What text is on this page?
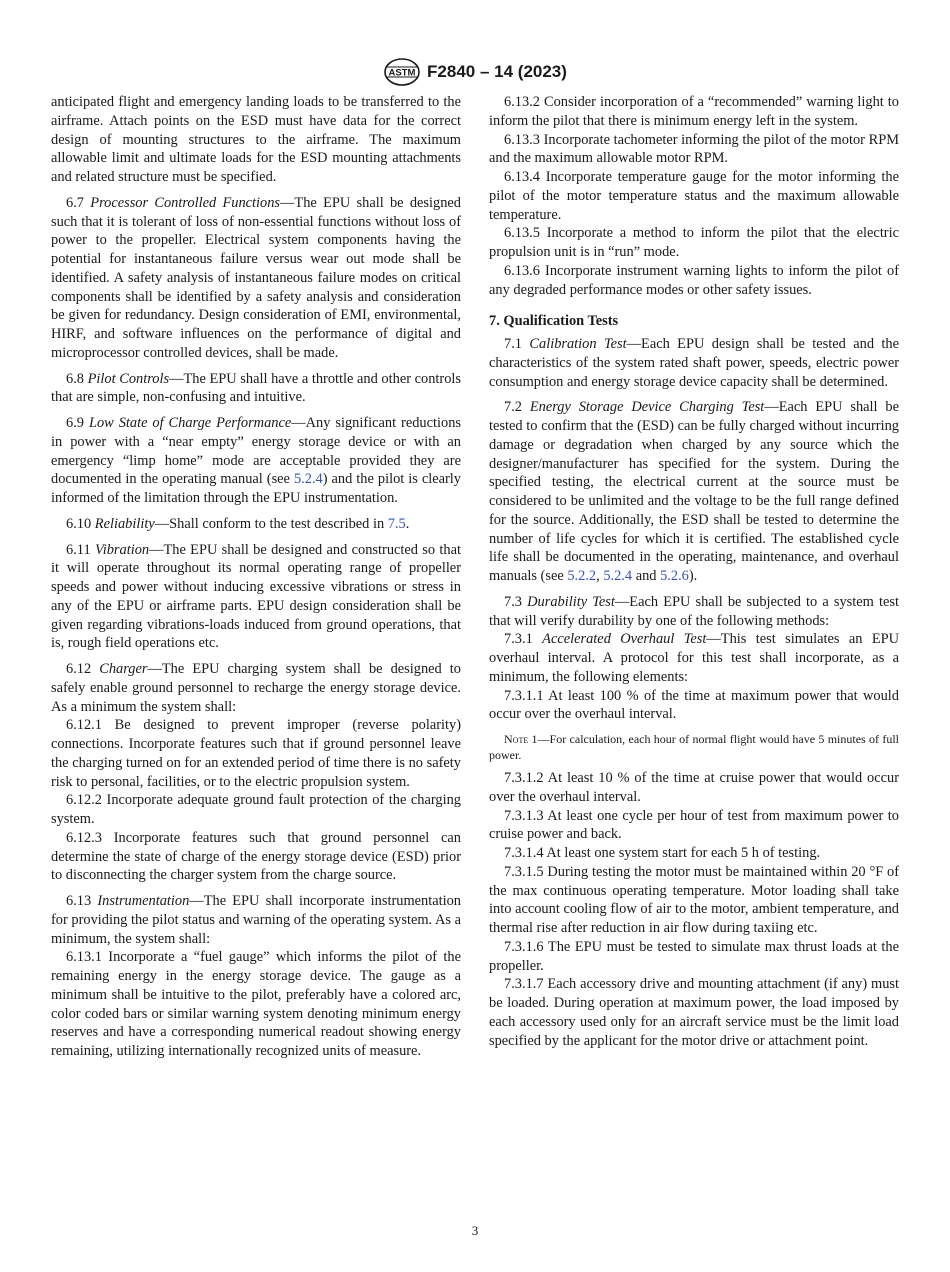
ASTM F2840 – 14 (2023)

anticipated flight and emergency landing loads to be transferred to the airframe. Attach points on the ESD must have data for the correct design of mounting structures to the airframe. The maximum allowable limit and ultimate loads for the ESD mounting attachments and related structure must be specified.

6.7 Processor Controlled Functions—The EPU shall be designed such that it is tolerant of loss of non-essential functions without loss of power to the propeller. Electrical system components having the potential for instantaneous failure versus wear out mode shall be identified. A safety analysis of instantaneous failure modes on critical components shall be identified by a safety analysis and consideration be given for redundancy. Design consideration of EMI, environmental, HIRF, and software influences on the performance of digital and microprocessor controlled devices, shall be made.

6.8 Pilot Controls—The EPU shall have a throttle and other controls that are simple, non-confusing and intuitive.

6.9 Low State of Charge Performance—Any significant reductions in power with a “near empty” energy storage device or with an emergency “limp home” mode are acceptable provided they are documented in the operating manual (see 5.2.4) and the pilot is clearly informed of the limitation through the EPU instrumentation.

6.10 Reliability—Shall conform to the test described in 7.5.

6.11 Vibration—The EPU shall be designed and constructed so that it will operate throughout its normal operating range of propeller speeds and power without inducing excessive vibrations or stress in any of the EPU or airframe parts. EPU design consideration shall be given regarding vibrations-loads induced from ground operations, that is, rough field operations etc.

6.12 Charger—The EPU charging system shall be designed to safely enable ground personnel to recharge the energy storage device. As a minimum the system shall:

6.12.1 Be designed to prevent improper (reverse polarity) connections. Incorporate features such that if ground personnel leave the charging turned on for an extended period of time there is no safety risk to personal, facilities, or to the electric propulsion system.

6.12.2 Incorporate adequate ground fault protection of the charging system.

6.12.3 Incorporate features such that ground personnel can determine the state of charge of the energy storage device (ESD) prior to disconnecting the charger system from the charge source.

6.13 Instrumentation—The EPU shall incorporate instrumentation for providing the pilot status and warning of the operating system. As a minimum, the system shall:

6.13.1 Incorporate a “fuel gauge” which informs the pilot of the remaining energy in the energy storage device. The gauge as a minimum shall be intuitive to the pilot, preferably have a colored arc, color coded bars or similar warning system denoting minimum energy reserves and have a corresponding numerical readout showing energy remaining, utilizing internationally recognized units of measure.

6.13.2 Consider incorporation of a “recommended” warning light to inform the pilot that there is minimum energy left in the system.

6.13.3 Incorporate tachometer informing the pilot of the motor RPM and the maximum allowable motor RPM.

6.13.4 Incorporate temperature gauge for the motor informing the pilot of the motor temperature status and the maximum allowable temperature.

6.13.5 Incorporate a method to inform the pilot that the electric propulsion unit is in “run” mode.

6.13.6 Incorporate instrument warning lights to inform the pilot of any degraded performance modes or other safety issues.

7. Qualification Tests

7.1 Calibration Test—Each EPU design shall be tested and the characteristics of the system rated shaft power, speeds, electric power consumption and energy storage device capacity shall be determined.

7.2 Energy Storage Device Charging Test—Each EPU shall be tested to confirm that the (ESD) can be fully charged without incurring damage or degradation when charged by any source which the designer/manufacturer has specified for the system. During the specified testing, the electrical current at the source must be considered to be unlimited and the voltage to be the full range defined for the source. Additionally, the ESD shall be tested to determine the number of life cycles for which it is certified. The established cycle life shall be documented in the operating, maintenance, and overhaul manuals (see 5.2.2, 5.2.4 and 5.2.6).

7.3 Durability Test—Each EPU shall be subjected to a system test that will verify durability by one of the following methods:

7.3.1 Accelerated Overhaul Test—This test simulates an EPU overhaul interval. A protocol for this test shall incorporate, as a minimum, the following elements:

7.3.1.1 At least 100 % of the time at maximum power that would occur over the overhaul interval.

Note 1—For calculation, each hour of normal flight would have 5 minutes of full power.

7.3.1.2 At least 10 % of the time at cruise power that would occur over the overhaul interval.

7.3.1.3 At least one cycle per hour of test from maximum power to cruise power and back.

7.3.1.4 At least one system start for each 5 h of testing.

7.3.1.5 During testing the motor must be maintained within 20 °F of the max continuous operating temperature. Motor loading shall take into account cooling flow of air to the motor, ambient temperature, and thermal rise after reduction in air flow during taxiing etc.

7.3.1.6 The EPU must be tested to simulate max thrust loads at the propeller.

7.3.1.7 Each accessory drive and mounting attachment (if any) must be loaded. During operation at maximum power, the load imposed by each accessory used only for an aircraft service must be the limit load specified by the applicant for the motor drive or attachment point.

3
